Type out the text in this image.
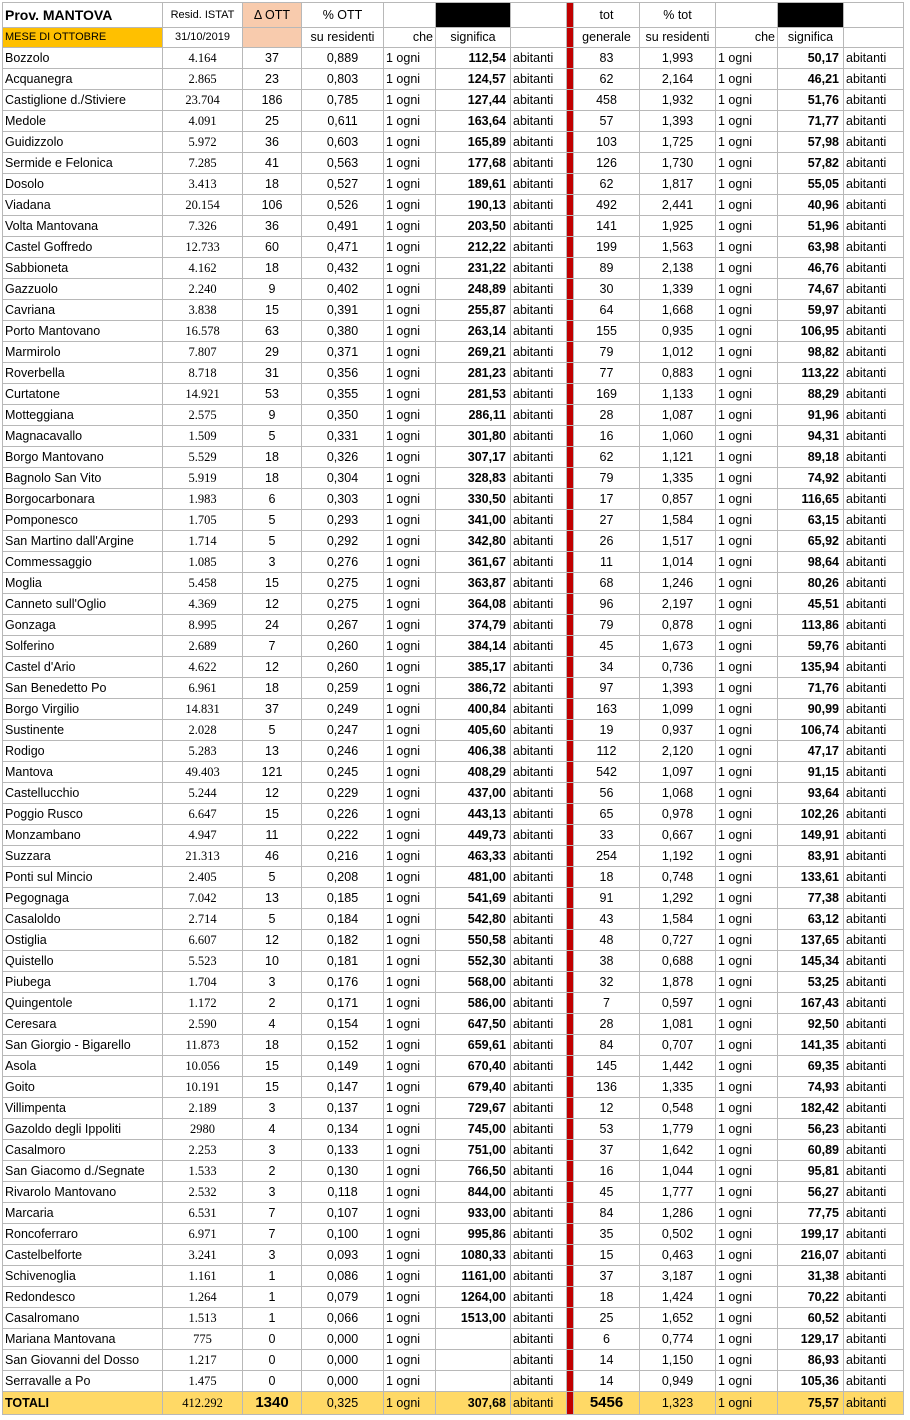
Prov. MANTOVA	Resid. ISTAT	Δ OTT	% OTT					tot	% tot			
MESE DI OTTOBRE	31/10/2019		su residenti	che	significa			generale	su residenti	che	significa	
Bozzolo	4.164	37	0,889	1 ogni	112,54	abitanti		83	1,993	1 ogni	50,17	abitanti
Acquanegra	2.865	23	0,803	1 ogni	124,57	abitanti		62	2,164	1 ogni	46,21	abitanti
Castiglione d./Stiviere	23.704	186	0,785	1 ogni	127,44	abitanti		458	1,932	1 ogni	51,76	abitanti
Medole	4.091	25	0,611	1 ogni	163,64	abitanti		57	1,393	1 ogni	71,77	abitanti
Guidizzolo	5.972	36	0,603	1 ogni	165,89	abitanti		103	1,725	1 ogni	57,98	abitanti
Sermide e Felonica	7.285	41	0,563	1 ogni	177,68	abitanti		126	1,730	1 ogni	57,82	abitanti
Dosolo	3.413	18	0,527	1 ogni	189,61	abitanti		62	1,817	1 ogni	55,05	abitanti
Viadana	20.154	106	0,526	1 ogni	190,13	abitanti		492	2,441	1 ogni	40,96	abitanti
Volta Mantovana	7.326	36	0,491	1 ogni	203,50	abitanti		141	1,925	1 ogni	51,96	abitanti
Castel Goffredo	12.733	60	0,471	1 ogni	212,22	abitanti		199	1,563	1 ogni	63,98	abitanti
Sabbioneta	4.162	18	0,432	1 ogni	231,22	abitanti		89	2,138	1 ogni	46,76	abitanti
Gazzuolo	2.240	9	0,402	1 ogni	248,89	abitanti		30	1,339	1 ogni	74,67	abitanti
Cavriana	3.838	15	0,391	1 ogni	255,87	abitanti		64	1,668	1 ogni	59,97	abitanti
Porto Mantovano	16.578	63	0,380	1 ogni	263,14	abitanti		155	0,935	1 ogni	106,95	abitanti
Marmirolo	7.807	29	0,371	1 ogni	269,21	abitanti		79	1,012	1 ogni	98,82	abitanti
Roverbella	8.718	31	0,356	1 ogni	281,23	abitanti		77	0,883	1 ogni	113,22	abitanti
Curtatone	14.921	53	0,355	1 ogni	281,53	abitanti		169	1,133	1 ogni	88,29	abitanti
Motteggiana	2.575	9	0,350	1 ogni	286,11	abitanti		28	1,087	1 ogni	91,96	abitanti
Magnacavallo	1.509	5	0,331	1 ogni	301,80	abitanti		16	1,060	1 ogni	94,31	abitanti
Borgo Mantovano	5.529	18	0,326	1 ogni	307,17	abitanti		62	1,121	1 ogni	89,18	abitanti
Bagnolo San Vito	5.919	18	0,304	1 ogni	328,83	abitanti		79	1,335	1 ogni	74,92	abitanti
Borgocarbonara	1.983	6	0,303	1 ogni	330,50	abitanti		17	0,857	1 ogni	116,65	abitanti
Pomponesco	1.705	5	0,293	1 ogni	341,00	abitanti		27	1,584	1 ogni	63,15	abitanti
San Martino dall'Argine	1.714	5	0,292	1 ogni	342,80	abitanti		26	1,517	1 ogni	65,92	abitanti
Commessaggio	1.085	3	0,276	1 ogni	361,67	abitanti		11	1,014	1 ogni	98,64	abitanti
Moglia	5.458	15	0,275	1 ogni	363,87	abitanti		68	1,246	1 ogni	80,26	abitanti
Canneto sull'Oglio	4.369	12	0,275	1 ogni	364,08	abitanti		96	2,197	1 ogni	45,51	abitanti
Gonzaga	8.995	24	0,267	1 ogni	374,79	abitanti		79	0,878	1 ogni	113,86	abitanti
Solferino	2.689	7	0,260	1 ogni	384,14	abitanti		45	1,673	1 ogni	59,76	abitanti
Castel d'Ario	4.622	12	0,260	1 ogni	385,17	abitanti		34	0,736	1 ogni	135,94	abitanti
San Benedetto Po	6.961	18	0,259	1 ogni	386,72	abitanti		97	1,393	1 ogni	71,76	abitanti
Borgo Virgilio	14.831	37	0,249	1 ogni	400,84	abitanti		163	1,099	1 ogni	90,99	abitanti
Sustinente	2.028	5	0,247	1 ogni	405,60	abitanti		19	0,937	1 ogni	106,74	abitanti
Rodigo	5.283	13	0,246	1 ogni	406,38	abitanti		112	2,120	1 ogni	47,17	abitanti
Mantova	49.403	121	0,245	1 ogni	408,29	abitanti		542	1,097	1 ogni	91,15	abitanti
Castellucchio	5.244	12	0,229	1 ogni	437,00	abitanti		56	1,068	1 ogni	93,64	abitanti
Poggio Rusco	6.647	15	0,226	1 ogni	443,13	abitanti		65	0,978	1 ogni	102,26	abitanti
Monzambano	4.947	11	0,222	1 ogni	449,73	abitanti		33	0,667	1 ogni	149,91	abitanti
Suzzara	21.313	46	0,216	1 ogni	463,33	abitanti		254	1,192	1 ogni	83,91	abitanti
Ponti sul Mincio	2.405	5	0,208	1 ogni	481,00	abitanti		18	0,748	1 ogni	133,61	abitanti
Pegognaga	7.042	13	0,185	1 ogni	541,69	abitanti		91	1,292	1 ogni	77,38	abitanti
Casaloldo	2.714	5	0,184	1 ogni	542,80	abitanti		43	1,584	1 ogni	63,12	abitanti
Ostiglia	6.607	12	0,182	1 ogni	550,58	abitanti		48	0,727	1 ogni	137,65	abitanti
Quistello	5.523	10	0,181	1 ogni	552,30	abitanti		38	0,688	1 ogni	145,34	abitanti
Piubega	1.704	3	0,176	1 ogni	568,00	abitanti		32	1,878	1 ogni	53,25	abitanti
Quingentole	1.172	2	0,171	1 ogni	586,00	abitanti		7	0,597	1 ogni	167,43	abitanti
Ceresara	2.590	4	0,154	1 ogni	647,50	abitanti		28	1,081	1 ogni	92,50	abitanti
San Giorgio - Bigarello	11.873	18	0,152	1 ogni	659,61	abitanti		84	0,707	1 ogni	141,35	abitanti
Asola	10.056	15	0,149	1 ogni	670,40	abitanti		145	1,442	1 ogni	69,35	abitanti
Goito	10.191	15	0,147	1 ogni	679,40	abitanti		136	1,335	1 ogni	74,93	abitanti
Villimpenta	2.189	3	0,137	1 ogni	729,67	abitanti		12	0,548	1 ogni	182,42	abitanti
Gazoldo degli Ippoliti	2980	4	0,134	1 ogni	745,00	abitanti		53	1,779	1 ogni	56,23	abitanti
Casalmoro	2.253	3	0,133	1 ogni	751,00	abitanti		37	1,642	1 ogni	60,89	abitanti
San Giacomo d./Segnate	1.533	2	0,130	1 ogni	766,50	abitanti		16	1,044	1 ogni	95,81	abitanti
Rivarolo Mantovano	2.532	3	0,118	1 ogni	844,00	abitanti		45	1,777	1 ogni	56,27	abitanti
Marcaria	6.531	7	0,107	1 ogni	933,00	abitanti		84	1,286	1 ogni	77,75	abitanti
Roncoferraro	6.971	7	0,100	1 ogni	995,86	abitanti		35	0,502	1 ogni	199,17	abitanti
Castelbelforte	3.241	3	0,093	1 ogni	1080,33	abitanti		15	0,463	1 ogni	216,07	abitanti
Schivenoglia	1.161	1	0,086	1 ogni	1161,00	abitanti		37	3,187	1 ogni	31,38	abitanti
Redondesco	1.264	1	0,079	1 ogni	1264,00	abitanti		18	1,424	1 ogni	70,22	abitanti
Casalromano	1.513	1	0,066	1 ogni	1513,00	abitanti		25	1,652	1 ogni	60,52	abitanti
Mariana Mantovana	775	0	0,000	1 ogni		abitanti		6	0,774	1 ogni	129,17	abitanti
San Giovanni del Dosso	1.217	0	0,000	1 ogni		abitanti		14	1,150	1 ogni	86,93	abitanti
Serravalle a Po	1.475	0	0,000	1 ogni		abitanti		14	0,949	1 ogni	105,36	abitanti
TOTALI	412.292	1340	0,325	1 ogni	307,68	abitanti		5456	1,323	1 ogni	75,57	abitanti
